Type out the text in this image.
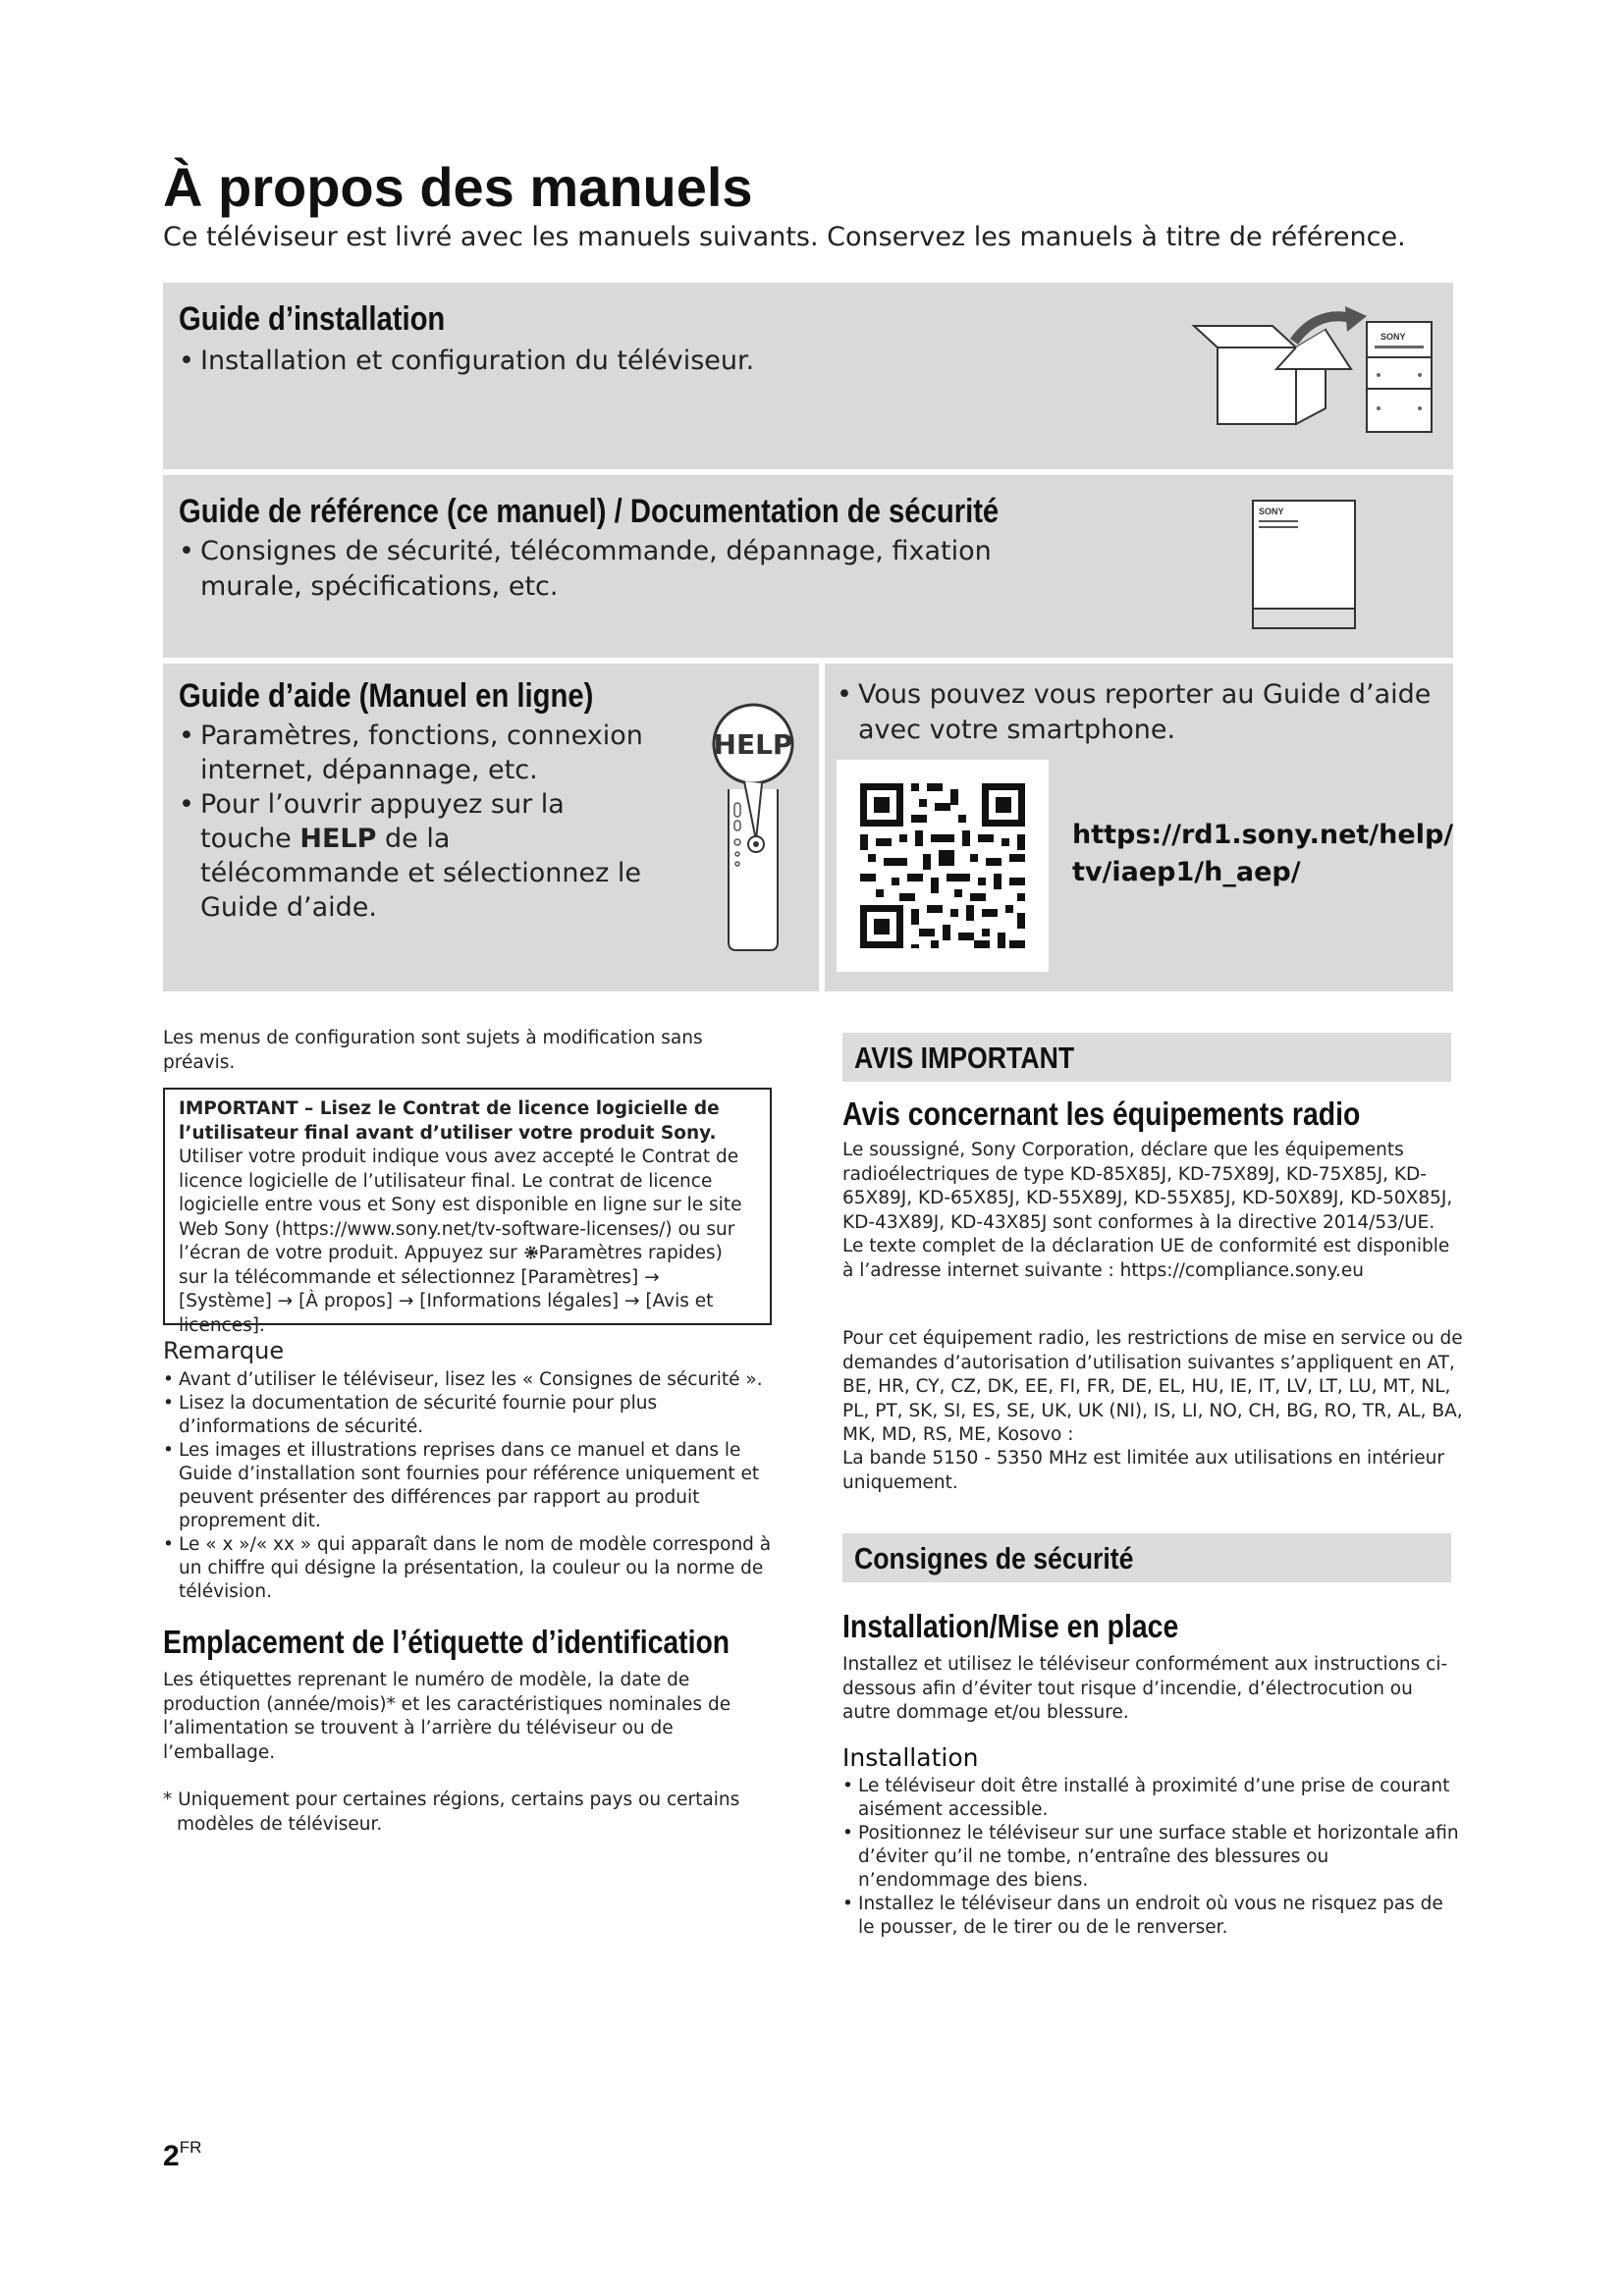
À propos des manuels
Ce téléviseur est livré avec les manuels suivants. Conservez les manuels à titre de référence.
Guide d’installation
• Installation et configuration du téléviseur.
SONY
Guide de référence (ce manuel) / Documentation de sécurité
• Consignes de sécurité, télécommande, dépannage, fixation murale, spécifications, etc.
SONY
Guide d’aide (Manuel en ligne)
• Paramètres, fonctions, connexion internet, dépannage, etc.
• Pour l’ouvrir appuyez sur la touche HELP de la télécommande et sélectionnez le Guide d’aide.
HELP
• Vous pouvez vous reporter au Guide d’aide avec votre smartphone.
https://rd1.sony.net/help/
tv/iaep1/h_aep/
Les menus de configuration sont sujets à modification sans préavis.
IMPORTANT – Lisez le Contrat de licence logicielle de l’utilisateur final avant d’utiliser votre produit Sony. Utiliser votre produit indique vous avez accepté le Contrat de licence logicielle de l’utilisateur final. Le contrat de licence logicielle entre vous et Sony est disponible en ligne sur le site Web Sony (https://www.sony.net/tv-software-licenses/) ou sur l’écran de votre produit. Appuyez sur Paramètres rapides) sur la télécommande et sélectionnez [Paramètres] → [Système] → [À propos] → [Informations légales] → [Avis et licences].
Remarque
• Avant d’utiliser le téléviseur, lisez les « Consignes de sécurité ».
• Lisez la documentation de sécurité fournie pour plus d’informations de sécurité.
• Les images et illustrations reprises dans ce manuel et dans le Guide d’installation sont fournies pour référence uniquement et peuvent présenter des différences par rapport au produit proprement dit.
• Le « x »/« xx » qui apparaît dans le nom de modèle correspond à un chiffre qui désigne la présentation, la couleur ou la norme de télévision.
Emplacement de l’étiquette d’identification
Les étiquettes reprenant le numéro de modèle, la date de production (année/mois)* et les caractéristiques nominales de l’alimentation se trouvent à l’arrière du téléviseur ou de l’emballage.
* Uniquement pour certaines régions, certains pays ou certains modèles de téléviseur.
AVIS IMPORTANT
Avis concernant les équipements radio
Le soussigné, Sony Corporation, déclare que les équipements radioélectriques de type KD-85X85J, KD-75X89J, KD-75X85J, KD-65X89J, KD-65X85J, KD-55X89J, KD-55X85J, KD-50X89J, KD-50X85J, KD-43X89J, KD-43X85J sont conformes à la directive 2014/53/UE. Le texte complet de la déclaration UE de conformité est disponible à l’adresse internet suivante : https://compliance.sony.eu
Pour cet équipement radio, les restrictions de mise en service ou de demandes d’autorisation d’utilisation suivantes s’appliquent en AT, BE, HR, CY, CZ, DK, EE, FI, FR, DE, EL, HU, IE, IT, LV, LT, LU, MT, NL, PL, PT, SK, SI, ES, SE, UK, UK (NI), IS, LI, NO, CH, BG, RO, TR, AL, BA, MK, MD, RS, ME, Kosovo :
La bande 5150 - 5350 MHz est limitée aux utilisations en intérieur uniquement.
Consignes de sécurité
Installation/Mise en place
Installez et utilisez le téléviseur conformément aux instructions ci-dessous afin d’éviter tout risque d’incendie, d’électrocution ou autre dommage et/ou blessure.
Installation
• Le téléviseur doit être installé à proximité d’une prise de courant aisément accessible.
• Positionnez le téléviseur sur une surface stable et horizontale afin d’éviter qu’il ne tombe, n’entraîne des blessures ou n’endommage des biens.
• Installez le téléviseur dans un endroit où vous ne risquez pas de le pousser, de le tirer ou de le renverser.
$2^{FR}$
